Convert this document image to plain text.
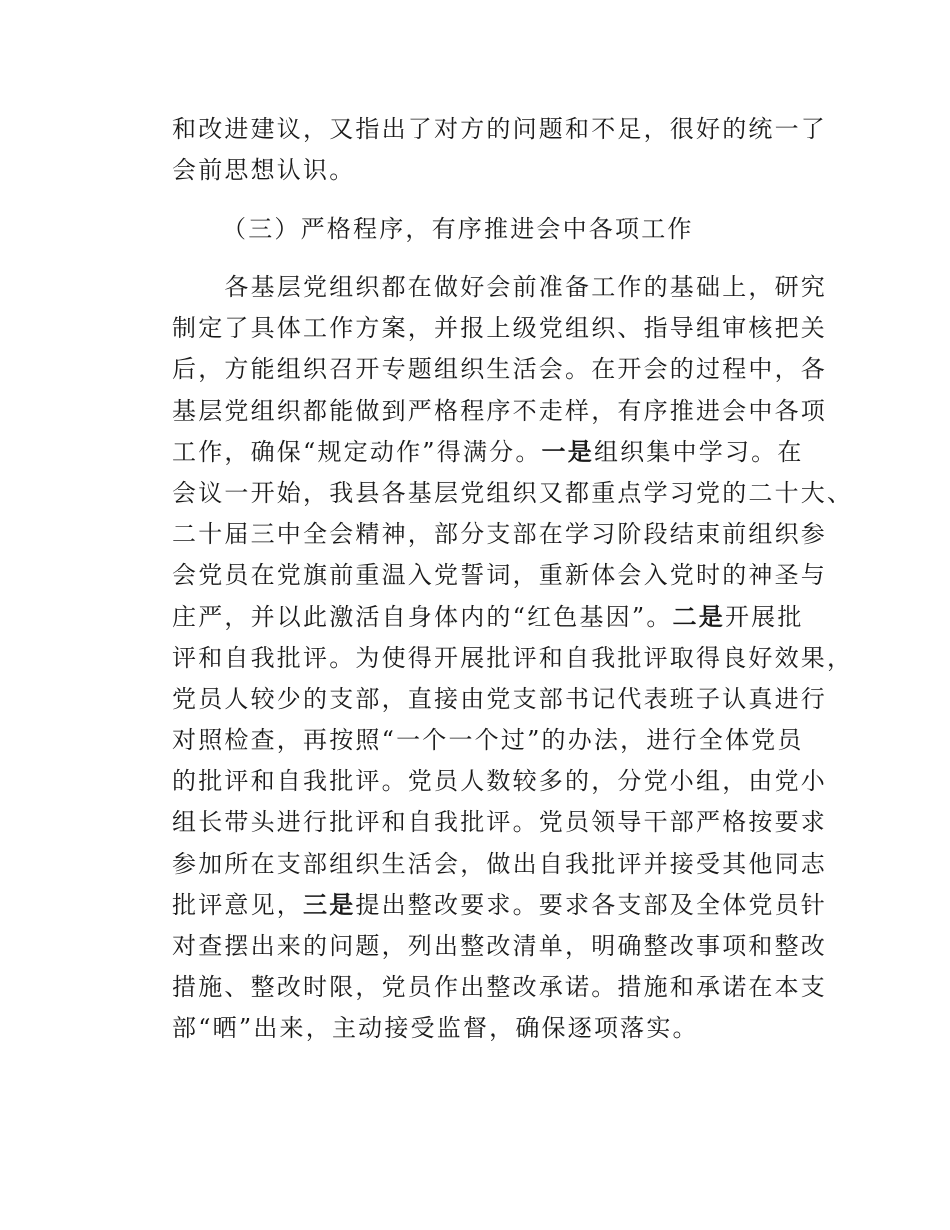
和改进建议，又指出了对方的问题和不足，很好的统一了
会前思想认识。
（三）严格程序，有序推进会中各项工作
　　各基层党组织都在做好会前准备工作的基础上，研究
制定了具体工作方案，并报上级党组织、指导组审核把关
后，方能组织召开专题组织生活会。在开会的过程中，各
基层党组织都能做到严格程序不走样，有序推进会中各项
工作，确保“规定动作”得满分。一是组织集中学习。在
会议一开始，我县各基层党组织又都重点学习党的二十大、
二十届三中全会精神，部分支部在学习阶段结束前组织参
会党员在党旗前重温入党誓词，重新体会入党时的神圣与
庄严，并以此激活自身体内的“红色基因”。二是开展批
评和自我批评。为使得开展批评和自我批评取得良好效果，
党员人较少的支部，直接由党支部书记代表班子认真进行
对照检查，再按照“一个一个过”的办法，进行全体党员
的批评和自我批评。党员人数较多的，分党小组，由党小
组长带头进行批评和自我批评。党员领导干部严格按要求
参加所在支部组织生活会，做出自我批评并接受其他同志
批评意见，三是提出整改要求。要求各支部及全体党员针
对查摆出来的问题，列出整改清单，明确整改事项和整改
措施、整改时限，党员作出整改承诺。措施和承诺在本支
部“晒”出来，主动接受监督，确保逐项落实。
